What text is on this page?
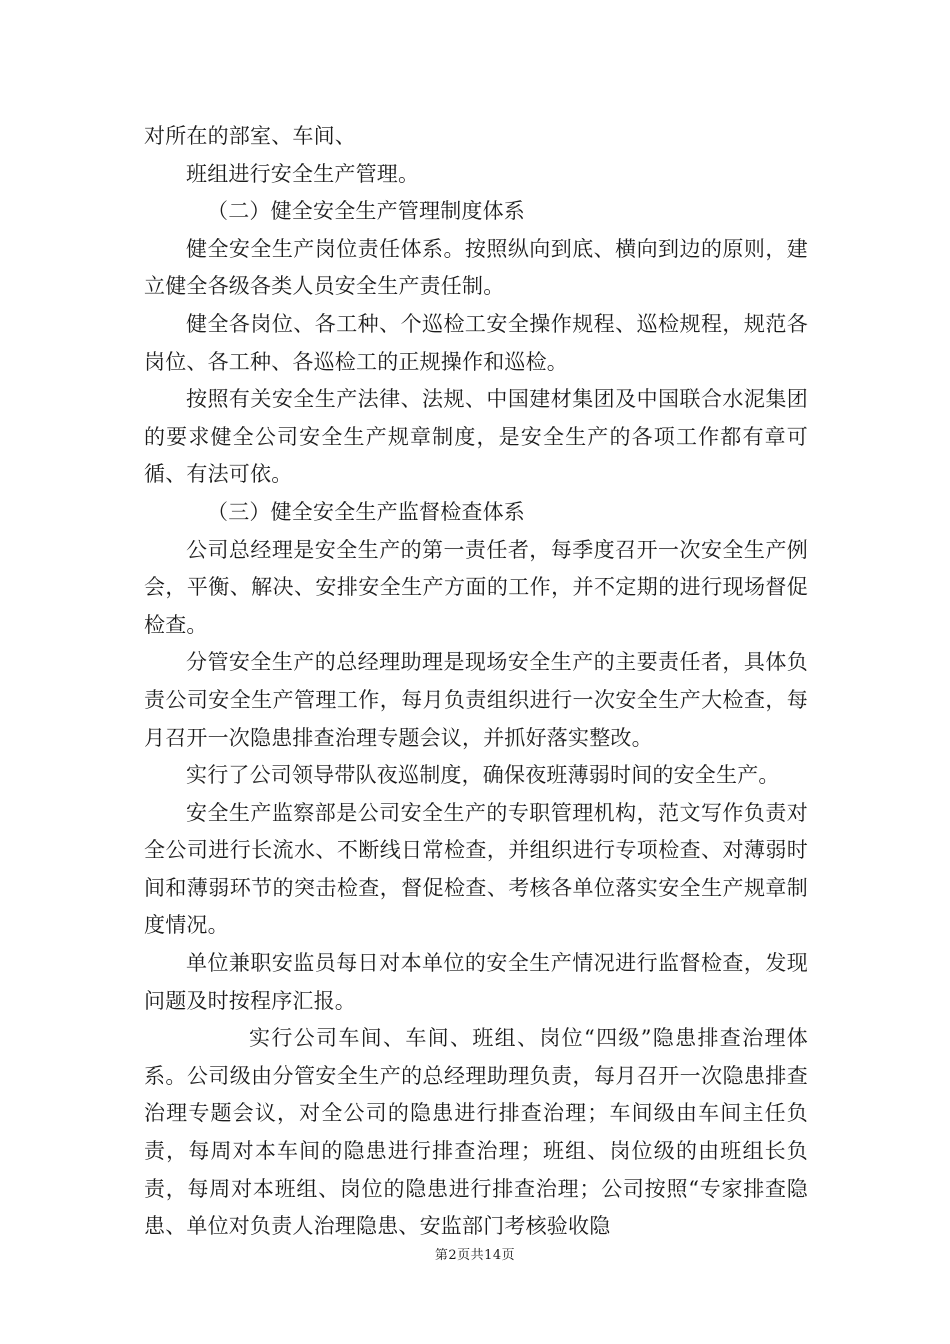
对所在的部室、车间、

班组进行安全生产管理。

（二）健全安全生产管理制度体系

健全安全生产岗位责任体系。按照纵向到底、横向到边的原则，建立健全各级各类人员安全生产责任制。

健全各岗位、各工种、个巡检工安全操作规程、巡检规程，规范各岗位、各工种、各巡检工的正规操作和巡检。

按照有关安全生产法律、法规、中国建材集团及中国联合水泥集团的要求健全公司安全生产规章制度，是安全生产的各项工作都有章可循、有法可依。

（三）健全安全生产监督检查体系

公司总经理是安全生产的第一责任者，每季度召开一次安全生产例会，平衡、解决、安排安全生产方面的工作，并不定期的进行现场督促检查。

分管安全生产的总经理助理是现场安全生产的主要责任者，具体负责公司安全生产管理工作，每月负责组织进行一次安全生产大检查，每月召开一次隐患排查治理专题会议，并抓好落实整改。

实行了公司领导带队夜巡制度，确保夜班薄弱时间的安全生产。

安全生产监察部是公司安全生产的专职管理机构，范文写作负责对全公司进行长流水、不断线日常检查，并组织进行专项检查、对薄弱时间和薄弱环节的突击检查，督促检查、考核各单位落实安全生产规章制度情况。

单位兼职安监员每日对本单位的安全生产情况进行监督检查，发现问题及时按程序汇报。

实行公司车间、车间、班组、岗位“四级”隐患排查治理体系。公司级由分管安全生产的总经理助理负责，每月召开一次隐患排查治理专题会议，对全公司的隐患进行排查治理；车间级由车间主任负责，每周对本车间的隐患进行排查治理；班组、岗位级的由班组长负责，每周对本班组、岗位的隐患进行排查治理；公司按照“专家排查隐患、单位对负责人治理隐患、安监部门考核验收隐

第2页共14页
